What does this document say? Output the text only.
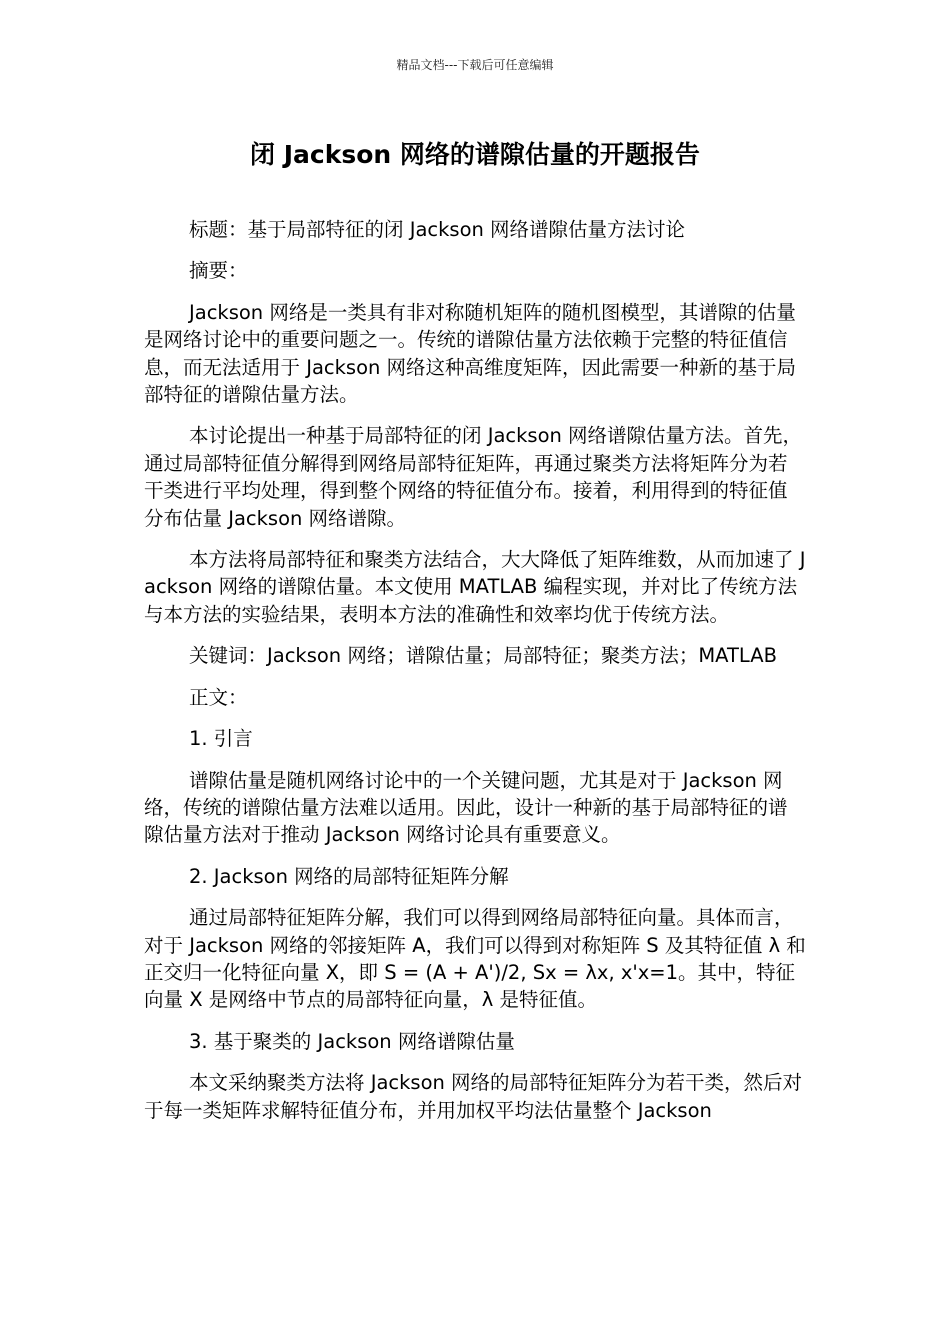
精品文档---下载后可任意编辑
闭 Jackson 网络的谱隙估量的开题报告

标题：基于局部特征的闭 Jackson 网络谱隙估量方法讨论

摘要：

Jackson 网络是一类具有非对称随机矩阵的随机图模型，其谱隙的估量是网络讨论中的重要问题之一。传统的谱隙估量方法依赖于完整的特征值信息，而无法适用于 Jackson 网络这种高维度矩阵，因此需要一种新的基于局部特征的谱隙估量方法。

本讨论提出一种基于局部特征的闭 Jackson 网络谱隙估量方法。首先，通过局部特征值分解得到网络局部特征矩阵，再通过聚类方法将矩阵分为若干类进行平均处理，得到整个网络的特征值分布。接着，利用得到的特征值分布估量 Jackson 网络谱隙。

本方法将局部特征和聚类方法结合，大大降低了矩阵维数，从而加速了 Jackson 网络的谱隙估量。本文使用 MATLAB 编程实现，并对比了传统方法与本方法的实验结果，表明本方法的准确性和效率均优于传统方法。

关键词：Jackson 网络；谱隙估量；局部特征；聚类方法；MATLAB

正文：

1. 引言

谱隙估量是随机网络讨论中的一个关键问题，尤其是对于 Jackson 网络，传统的谱隙估量方法难以适用。因此，设计一种新的基于局部特征的谱隙估量方法对于推动 Jackson 网络讨论具有重要意义。

2. Jackson 网络的局部特征矩阵分解

通过局部特征矩阵分解，我们可以得到网络局部特征向量。具体而言，对于 Jackson 网络的邻接矩阵 A，我们可以得到对称矩阵 S 及其特征值 λ 和正交归一化特征向量 X，即 S = (A + A')/2, Sx = λx, x'x=1。其中，特征向量 X 是网络中节点的局部特征向量，λ 是特征值。

3. 基于聚类的 Jackson 网络谱隙估量

本文采纳聚类方法将 Jackson 网络的局部特征矩阵分为若干类，然后对于每一类矩阵求解特征值分布，并用加权平均法估量整个 Jackson
